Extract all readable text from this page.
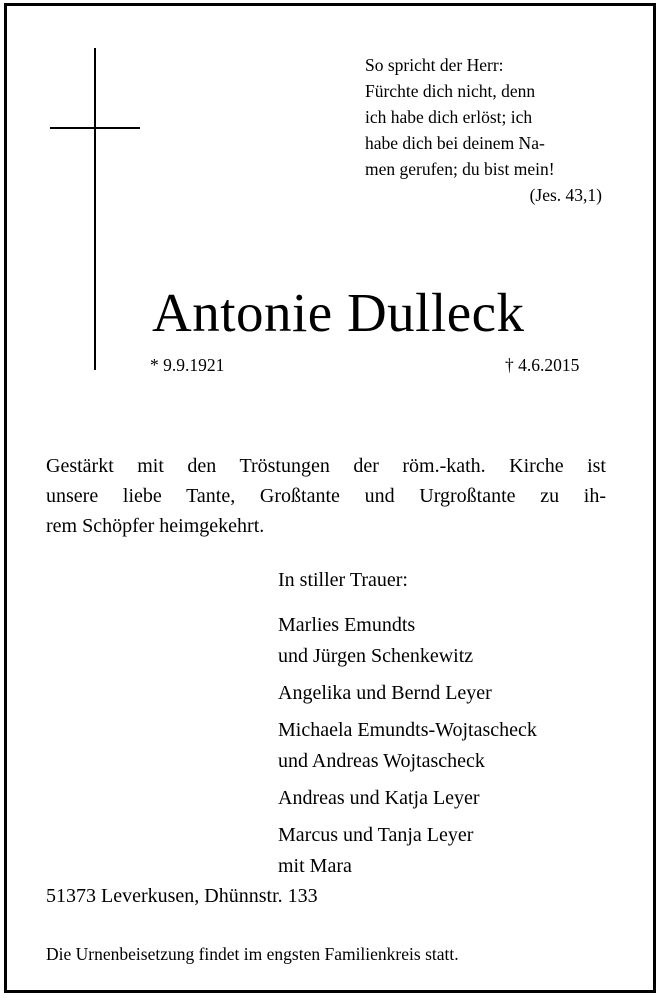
So spricht der Herr:
Fürchte dich nicht, denn
ich habe dich erlöst; ich
habe dich bei deinem Na-
men gerufen; du bist mein!
(Jes. 43,1)
Antonie Dulleck
* 9.9.1921	† 4.6.2015
Gestärkt mit den Tröstungen der röm.-kath. Kirche ist
unsere liebe Tante, Großtante und Urgroßtante zu ih-
rem Schöpfer heimgekehrt.
In stiller Trauer:
Marlies Emundts
und Jürgen Schenkewitz
Angelika und Bernd Leyer
Michaela Emundts-Wojtascheck
und Andreas Wojtascheck
Andreas und Katja Leyer
Marcus und Tanja Leyer
mit Mara
51373 Leverkusen, Dhünnstr. 133
Die Urnenbeisetzung findet im engsten Familienkreis statt.
